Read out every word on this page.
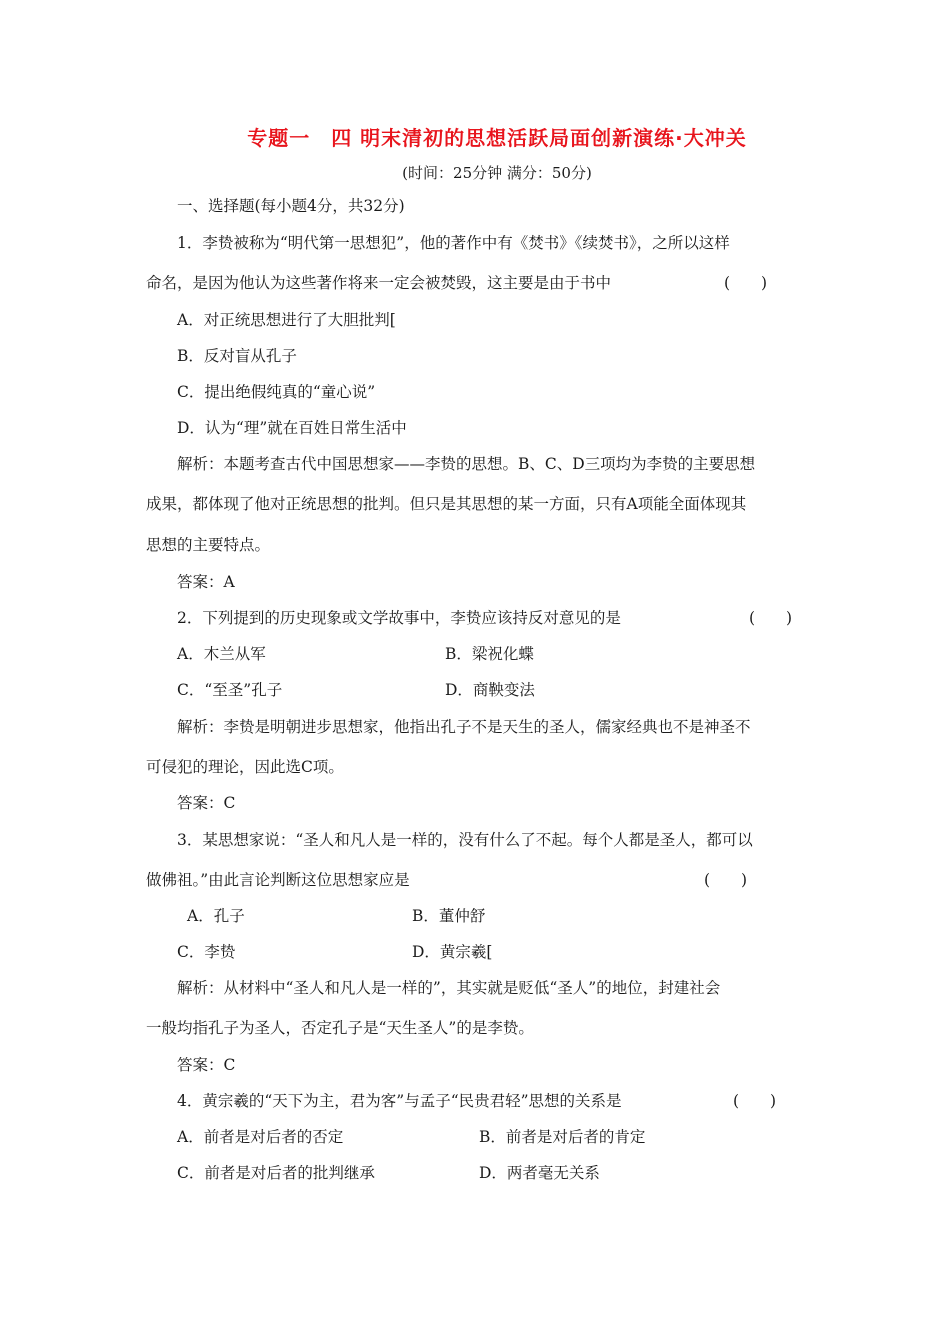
专题一　四 明末清初的思想活跃局面创新演练·大冲关
(时间：25分钟 满分：50分)
一、选择题(每小题4分，共32分)
1．李贽被称为“明代第一思想犯”，他的著作中有《焚书》《续焚书》，之所以这样
命名，是因为他认为这些著作将来一定会被焚毁，这主要是由于书中	(　　)
A．对正统思想进行了大胆批判[
B．反对盲从孔子
C．提出绝假纯真的“童心说”
D．认为“理”就在百姓日常生活中
解析：本题考查古代中国思想家——李贽的思想。B、C、D三项均为李贽的主要思想
成果，都体现了他对正统思想的批判。但只是其思想的某一方面，只有A项能全面体现其
思想的主要特点。
答案：A
2．下列提到的历史现象或文学故事中，李贽应该持反对意见的是	(　　)
A．木兰从军	B．梁祝化蝶
C．“至圣”孔子	D．商鞅变法
解析：李贽是明朝进步思想家，他指出孔子不是天生的圣人，儒家经典也不是神圣不
可侵犯的理论，因此选C项。
答案：C
3．某思想家说：“圣人和凡人是一样的，没有什么了不起。每个人都是圣人，都可以
做佛祖。”由此言论判断这位思想家应是	(　　)
A．孔子	B．董仲舒
C．李贽	D．黄宗羲[
解析：从材料中“圣人和凡人是一样的”，其实就是贬低“圣人”的地位，封建社会
一般均指孔子为圣人，否定孔子是“天生圣人”的是李贽。
答案：C
4．黄宗羲的“天下为主，君为客”与孟子“民贵君轻”思想的关系是	(　　)
A．前者是对后者的否定	B．前者是对后者的肯定
C．前者是对后者的批判继承	D．两者毫无关系
